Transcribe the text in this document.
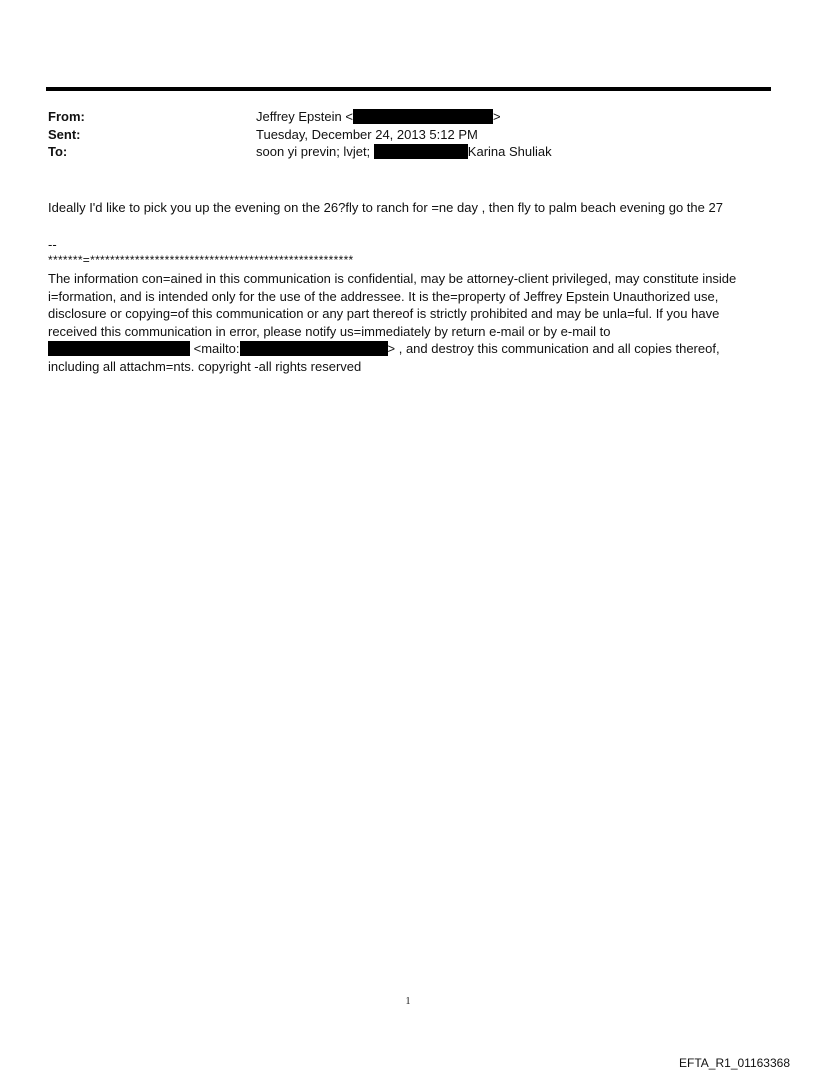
From:	Jeffrey Epstein <	>
Sent:	Tuesday, December 24, 2013 5:12 PM
To:	soon yi previn; lvjet;	Karina Shuliak
Ideally I'd like to pick you up the evening on the 26?fly to ranch for =ne day , then fly to palm beach evening go the 27
--
*******=*****************************************************

The information con=ained in this communication is confidential, may be attorney-client privileged, may constitute inside i=formation, and is intended only for the use of the addressee. It is the=property of Jeffrey Epstein Unauthorized use, disclosure or copying=of this communication or any part thereof is strictly prohibited and may be unla=ful. If you have received this communication in error, please notify us=immediately by return e-mail or by e-mail to

<mailto:	> , and destroy this communication and all copies thereof,

including all attachm=nts. copyright -all rights reserved

1
EFTA_R1_01163368
